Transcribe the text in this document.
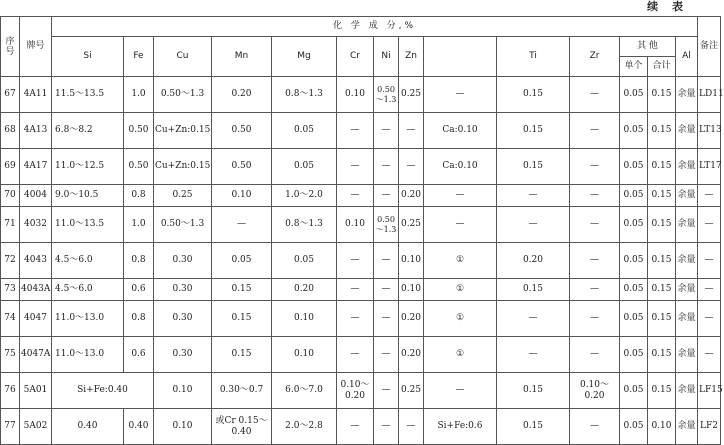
续 表
序号	牌号	化 学 成 分,%														备注
		Si	Fe	Cu	Mn	Mg	Cr	Ni	Zn		Ti	Zr	其 他		Al	
													单个	合计		
67	4A11	11.5～13.5	1.0	0.50～1.3	0.20	0.8～1.3	0.10	0.50～1.3	0.25	—	0.15	—	0.05	0.15	余量	LD11
68	4A13	6.8～8.2	0.50	Cu+Zn:0.15	0.50	0.05	—	—	—	Ca:0.10	0.15	—	0.05	0.15	余量	LT13
69	4A17	11.0～12.5	0.50	Cu+Zn:0.15	0.50	0.05	—	—	—	Ca:0.10	0.15	—	0.05	0.15	余量	LT17
70	4004	9.0～10.5	0.8	0.25	0.10	1.0～2.0	—	—	0.20	—	—	—	0.05	0.15	余量	—
71	4032	11.0～13.5	1.0	0.50～1.3	—	0.8～1.3	0.10	0.50～1.3	0.25	—	—	—	0.05	0.15	余量	—
72	4043	4.5～6.0	0.8	0.30	0.05	0.05	—	—	0.10	①	0.20	—	0.05	0.15	余量	—
73	4043A	4.5～6.0	0.6	0.30	0.15	0.20	—	—	0.10	①	0.15	—	0.05	0.15	余量	—
74	4047	11.0～13.0	0.8	0.30	0.15	0.10	—	—	0.20	①	—	—	0.05	0.15	余量	—
75	4047A	11.0～13.0	0.6	0.30	0.15	0.10	—	—	0.20	①	—	—	0.05	0.15	余量	—
76	5A01	Si+Fe:0.40		0.10	0.30～0.7	6.0～7.0	0.10～0.20	—	0.25	—	0.15	0.10～0.20	0.05	0.15	余量	LF15
77	5A02	0.40	0.40	0.10	或Cr 0.15～0.40	2.0～2.8	—	—	—	Si+Fe:0.6	0.15	—	0.05	0.10	余量	LF2
